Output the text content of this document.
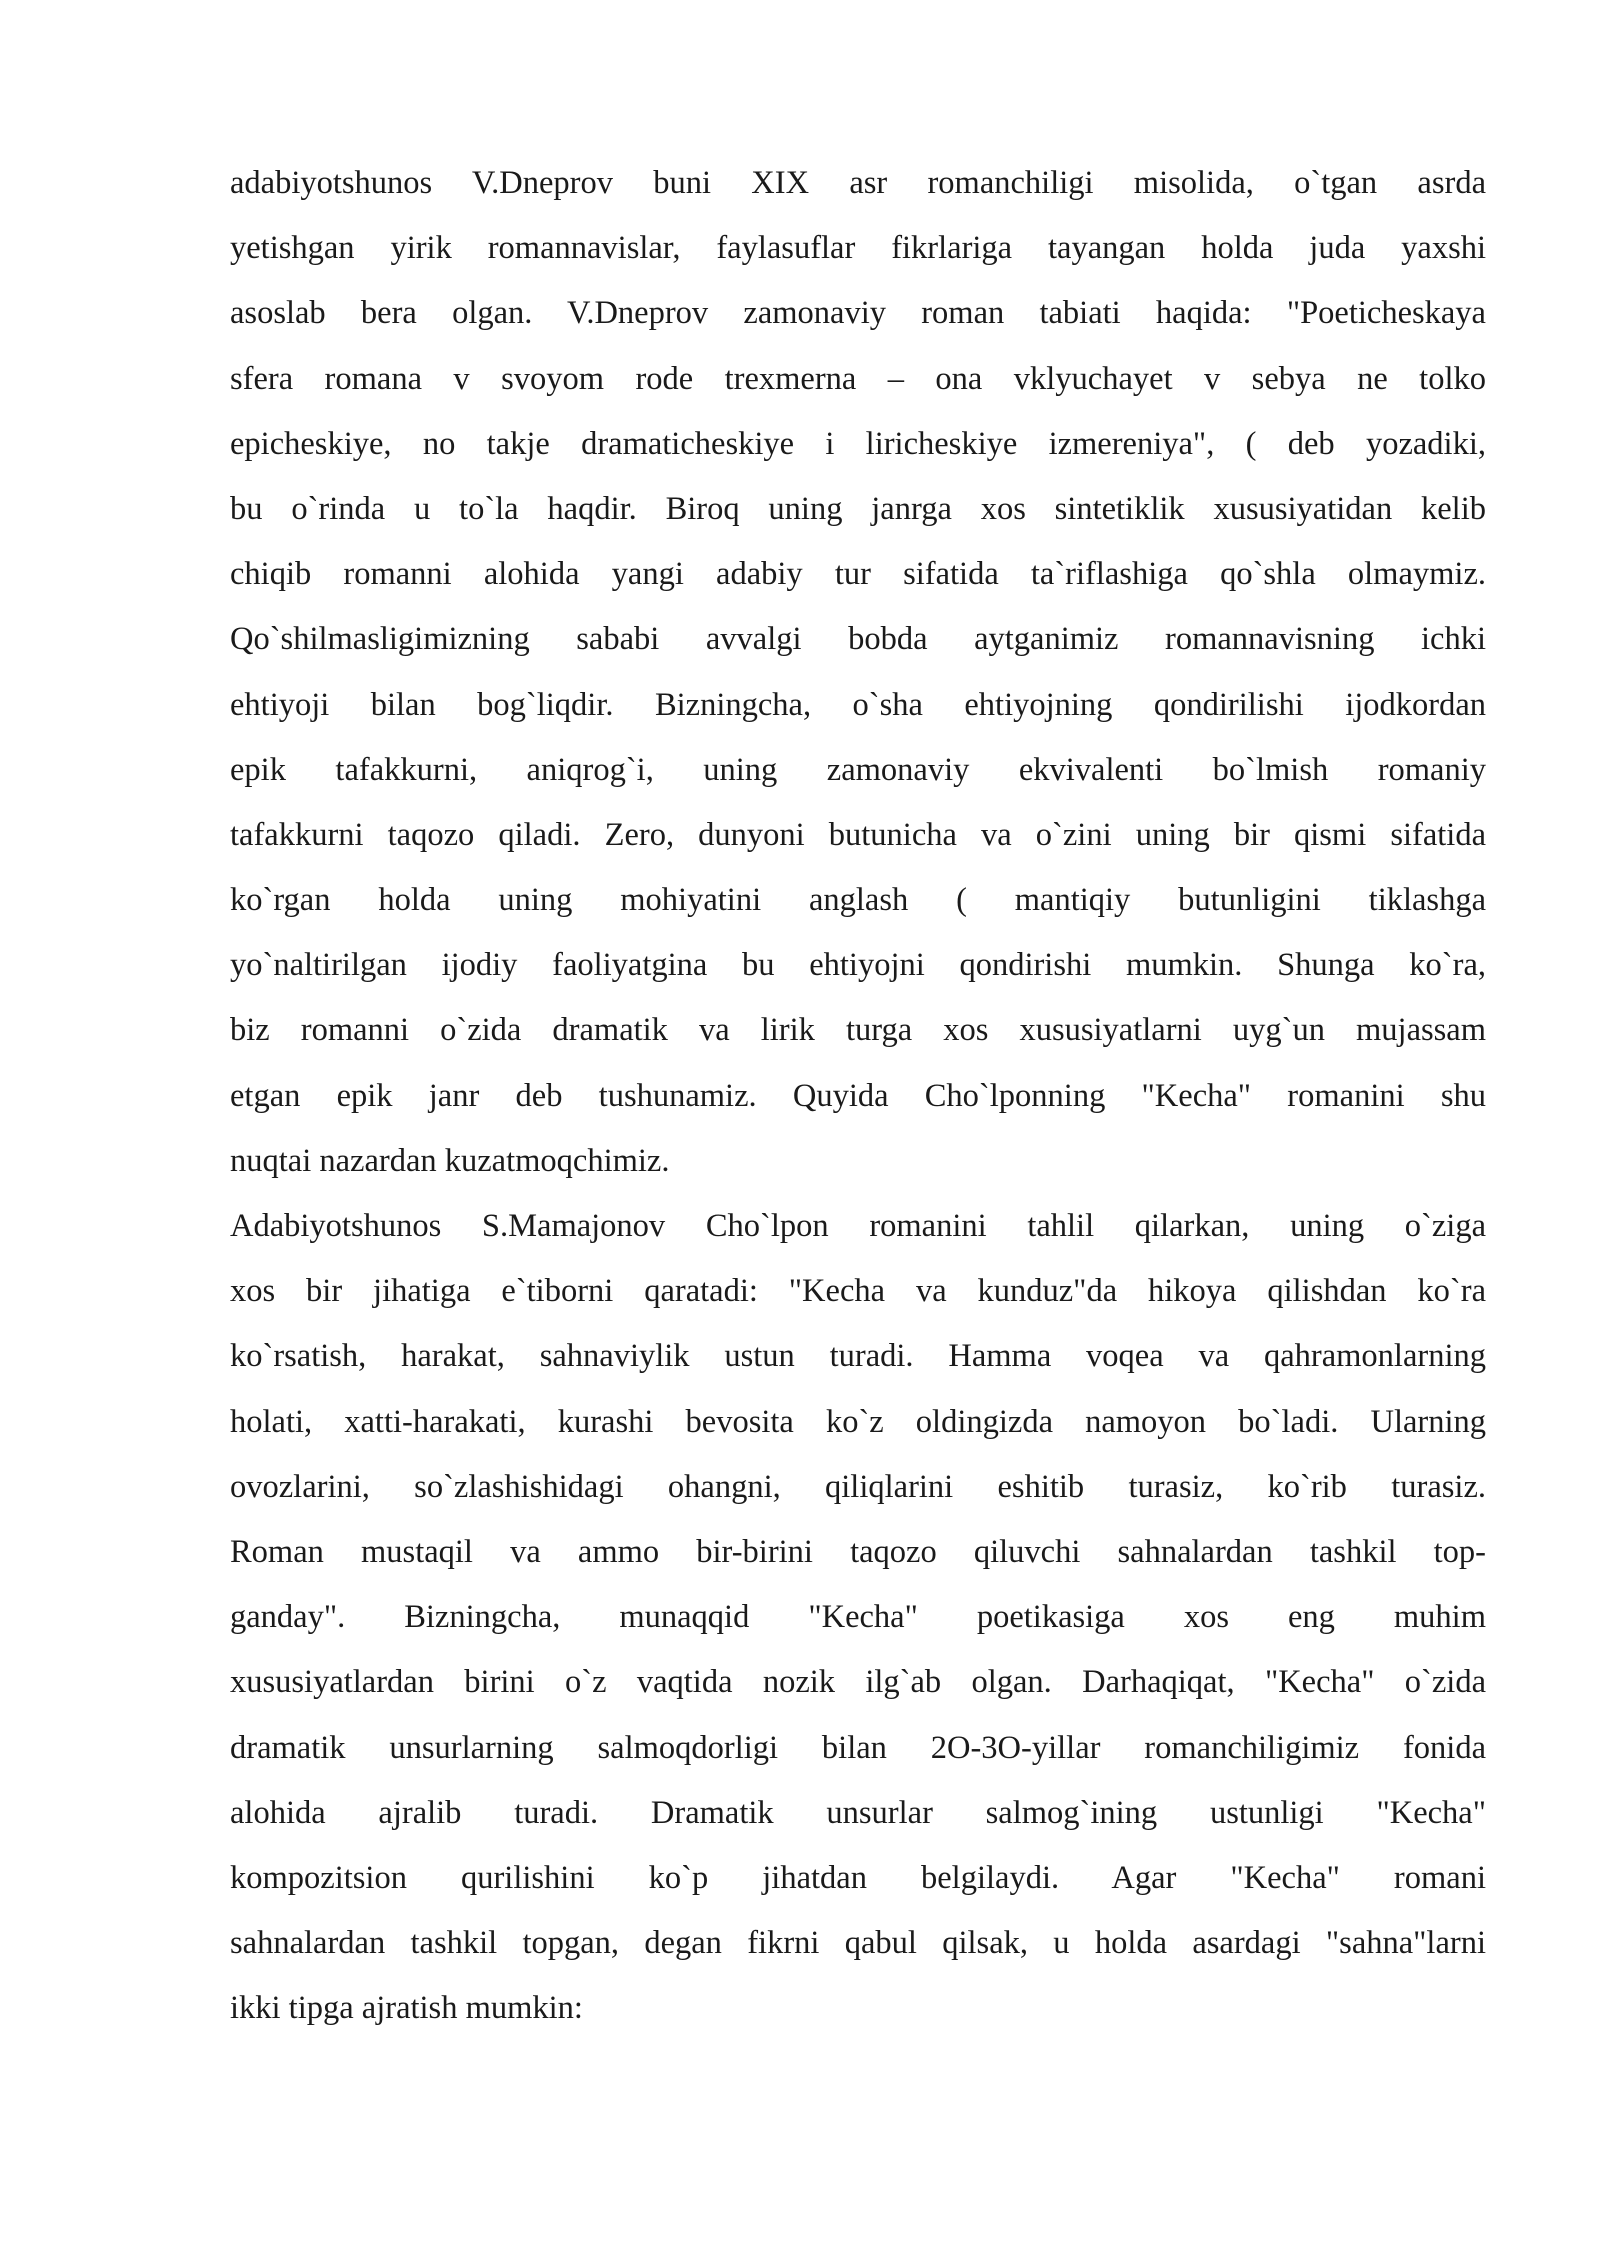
adabiyotshunos V.Dneprov buni XIX asr romanchiligi misolida, o`tgan asrda
yetishgan yirik romannavislar, faylasuflar fikrlariga tayangan holda juda yaxshi
asoslab bera olgan. V.Dneprov zamonaviy roman tabiati haqida: "Poeticheskaya
sfera romana v svoyom rode trexmerna – ona vklyuchayet v sebya ne tolko
epicheskiye, no takje dramaticheskiye i liricheskiye izmereniya", ( deb yozadiki,
bu o`rinda u to`la haqdir. Biroq uning janrga xos sintetiklik xususiyatidan kelib
chiqib romanni alohida yangi adabiy tur sifatida ta`riflashiga qo`shla olmaymiz.
Qo`shilmasligimizning sababi avvalgi bobda aytganimiz romannavisning ichki
ehtiyoji bilan bog`liqdir. Bizningcha, o`sha ehtiyojning qondirilishi ijodkordan
epik tafakkurni, aniqrog`i, uning zamonaviy ekvivalenti bo`lmish romaniy
tafakkurni taqozo qiladi. Zero, dunyoni butunicha va o`zini uning bir qismi sifatida
ko`rgan holda uning mohiyatini anglash ( mantiqiy butunligini tiklashga
yo`naltirilgan ijodiy faoliyatgina bu ehtiyojni qondirishi mumkin. Shunga ko`ra,
biz romanni o`zida dramatik va lirik turga xos xususiyatlarni uyg`un mujassam
etgan epik janr deb tushunamiz. Quyida Cho`lponning "Kecha" romanini shu
nuqtai nazardan kuzatmoqchimiz.
Adabiyotshunos S.Mamajonov Cho`lpon romanini tahlil qilarkan, uning o`ziga
xos bir jihatiga e`tiborni qaratadi: "Kecha va kunduz"da hikoya qilishdan ko`ra
ko`rsatish, harakat, sahnaviylik ustun turadi. Hamma voqea va qahramonlarning
holati, xatti-harakati, kurashi bevosita ko`z oldingizda namoyon bo`ladi. Ularning
ovozlarini, so`zlashishidagi ohangni, qiliqlarini eshitib turasiz, ko`rib turasiz.
Roman mustaqil va ammo bir-birini taqozo qiluvchi sahnalardan tashkil top-
ganday". Bizningcha, munaqqid "Kecha" poetikasiga xos eng muhim
xususiyatlardan birini o`z vaqtida nozik ilg`ab olgan. Darhaqiqat, "Kecha" o`zida
dramatik unsurlarning salmoqdorligi bilan 2O-3O-yillar romanchiligimiz fonida
alohida ajralib turadi. Dramatik unsurlar salmog`ining ustunligi "Kecha"
kompozitsion qurilishini ko`p jihatdan belgilaydi. Agar "Kecha" romani
sahnalardan tashkil topgan, degan fikrni qabul qilsak, u holda asardagi "sahna"larni
ikki tipga ajratish mumkin:
